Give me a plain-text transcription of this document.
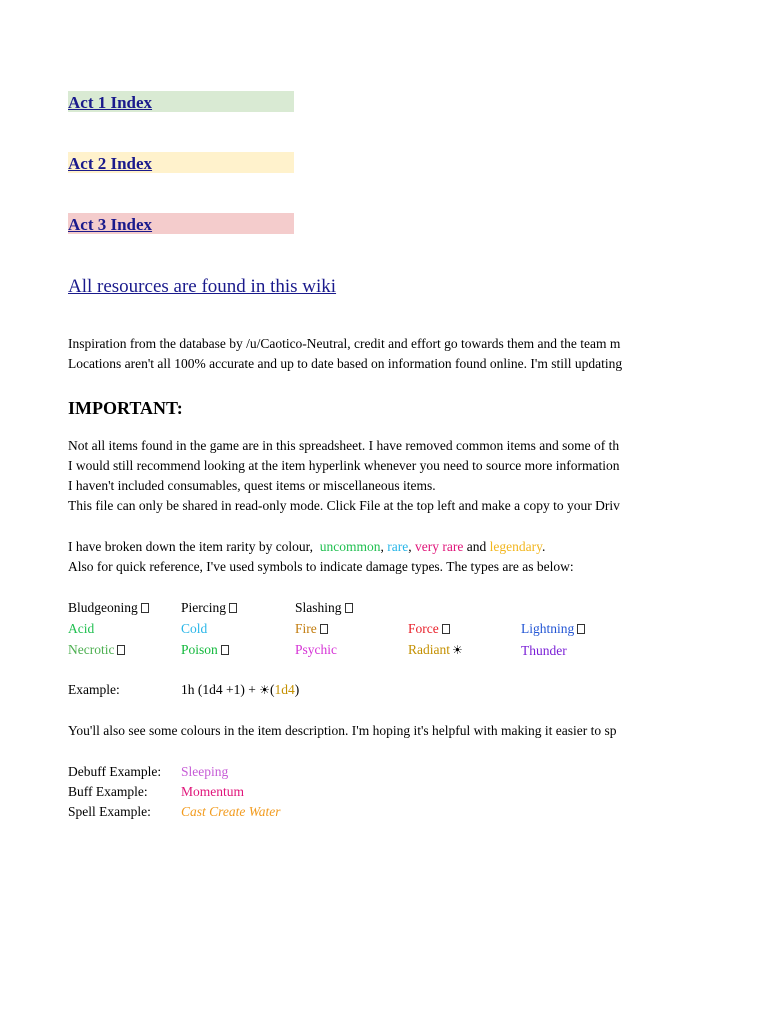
Act 1 Index
Act 2 Index
Act 3 Index
All resources are found in this wiki
Inspiration from the database by /u/Caotico-Neutral, credit and effort go towards them and the team m
Locations aren't all 100% accurate and up to date based on information found online. I'm still updating
IMPORTANT:
Not all items found in the game are in this spreadsheet. I have removed common items and some of th
I would still recommend looking at the item hyperlink whenever you need to source more information
I haven't included consumables, quest items or miscellaneous items.
This file can only be shared in read-only mode. Click File at the top left and make a copy to your Driv
I have broken down the item rarity by colour, uncommon, rare, very rare and legendary.
Also for quick reference, I've used symbols to indicate damage types. The types are as below:
Bludgeoning	Piercing	Slashing
Acid	Cold	Fire	Force	Lightning
Necrotic	Poison	Psychic	Radiant ☀	Thunder
Example:	1h (1d4 +1) + ☀(1d4)
You'll also see some colours in the item description. I'm hoping it's helpful with making it easier to sp
Debuff Example: Sleeping
Buff Example: Momentum
Spell Example: Cast Create Water
